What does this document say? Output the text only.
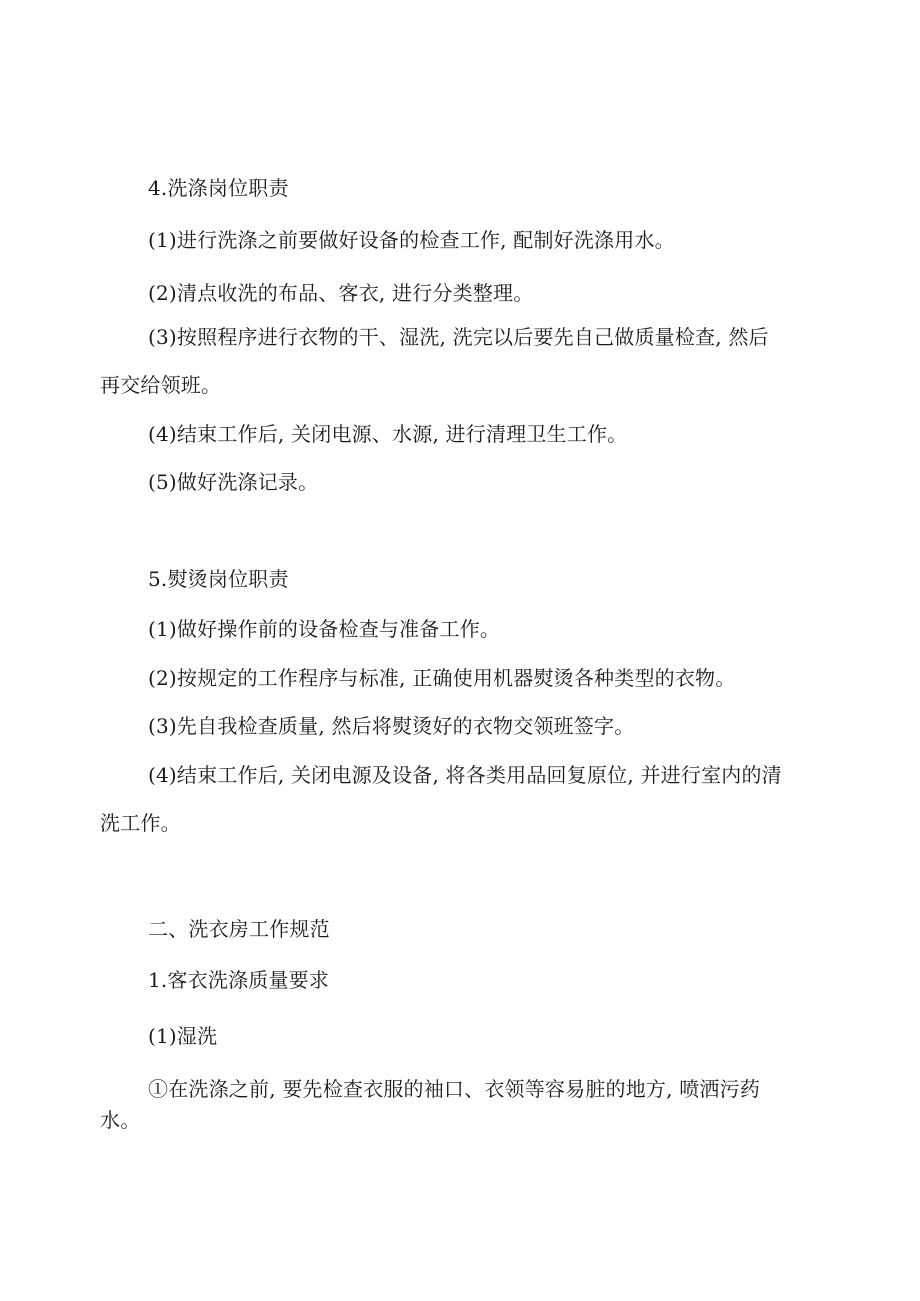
4.洗涤岗位职责

(1)进行洗涤之前要做好设备的检查工作, 配制好洗涤用水。

(2)清点收洗的布品、客衣, 进行分类整理。

(3)按照程序进行衣物的干、湿洗, 洗完以后要先自己做质量检查, 然后

再交给领班。

(4)结束工作后, 关闭电源、水源, 进行清理卫生工作。

(5)做好洗涤记录。

5.熨烫岗位职责

(1)做好操作前的设备检查与准备工作。

(2)按规定的工作程序与标准, 正确使用机器熨烫各种类型的衣物。

(3)先自我检查质量, 然后将熨烫好的衣物交领班签字。

(4)结束工作后, 关闭电源及设备, 将各类用品回复原位, 并进行室内的清

洗工作。

二、洗衣房工作规范

1.客衣洗涤质量要求

(1)湿洗

①在洗涤之前, 要先检查衣服的袖口、衣领等容易脏的地方, 喷洒污药

水。
